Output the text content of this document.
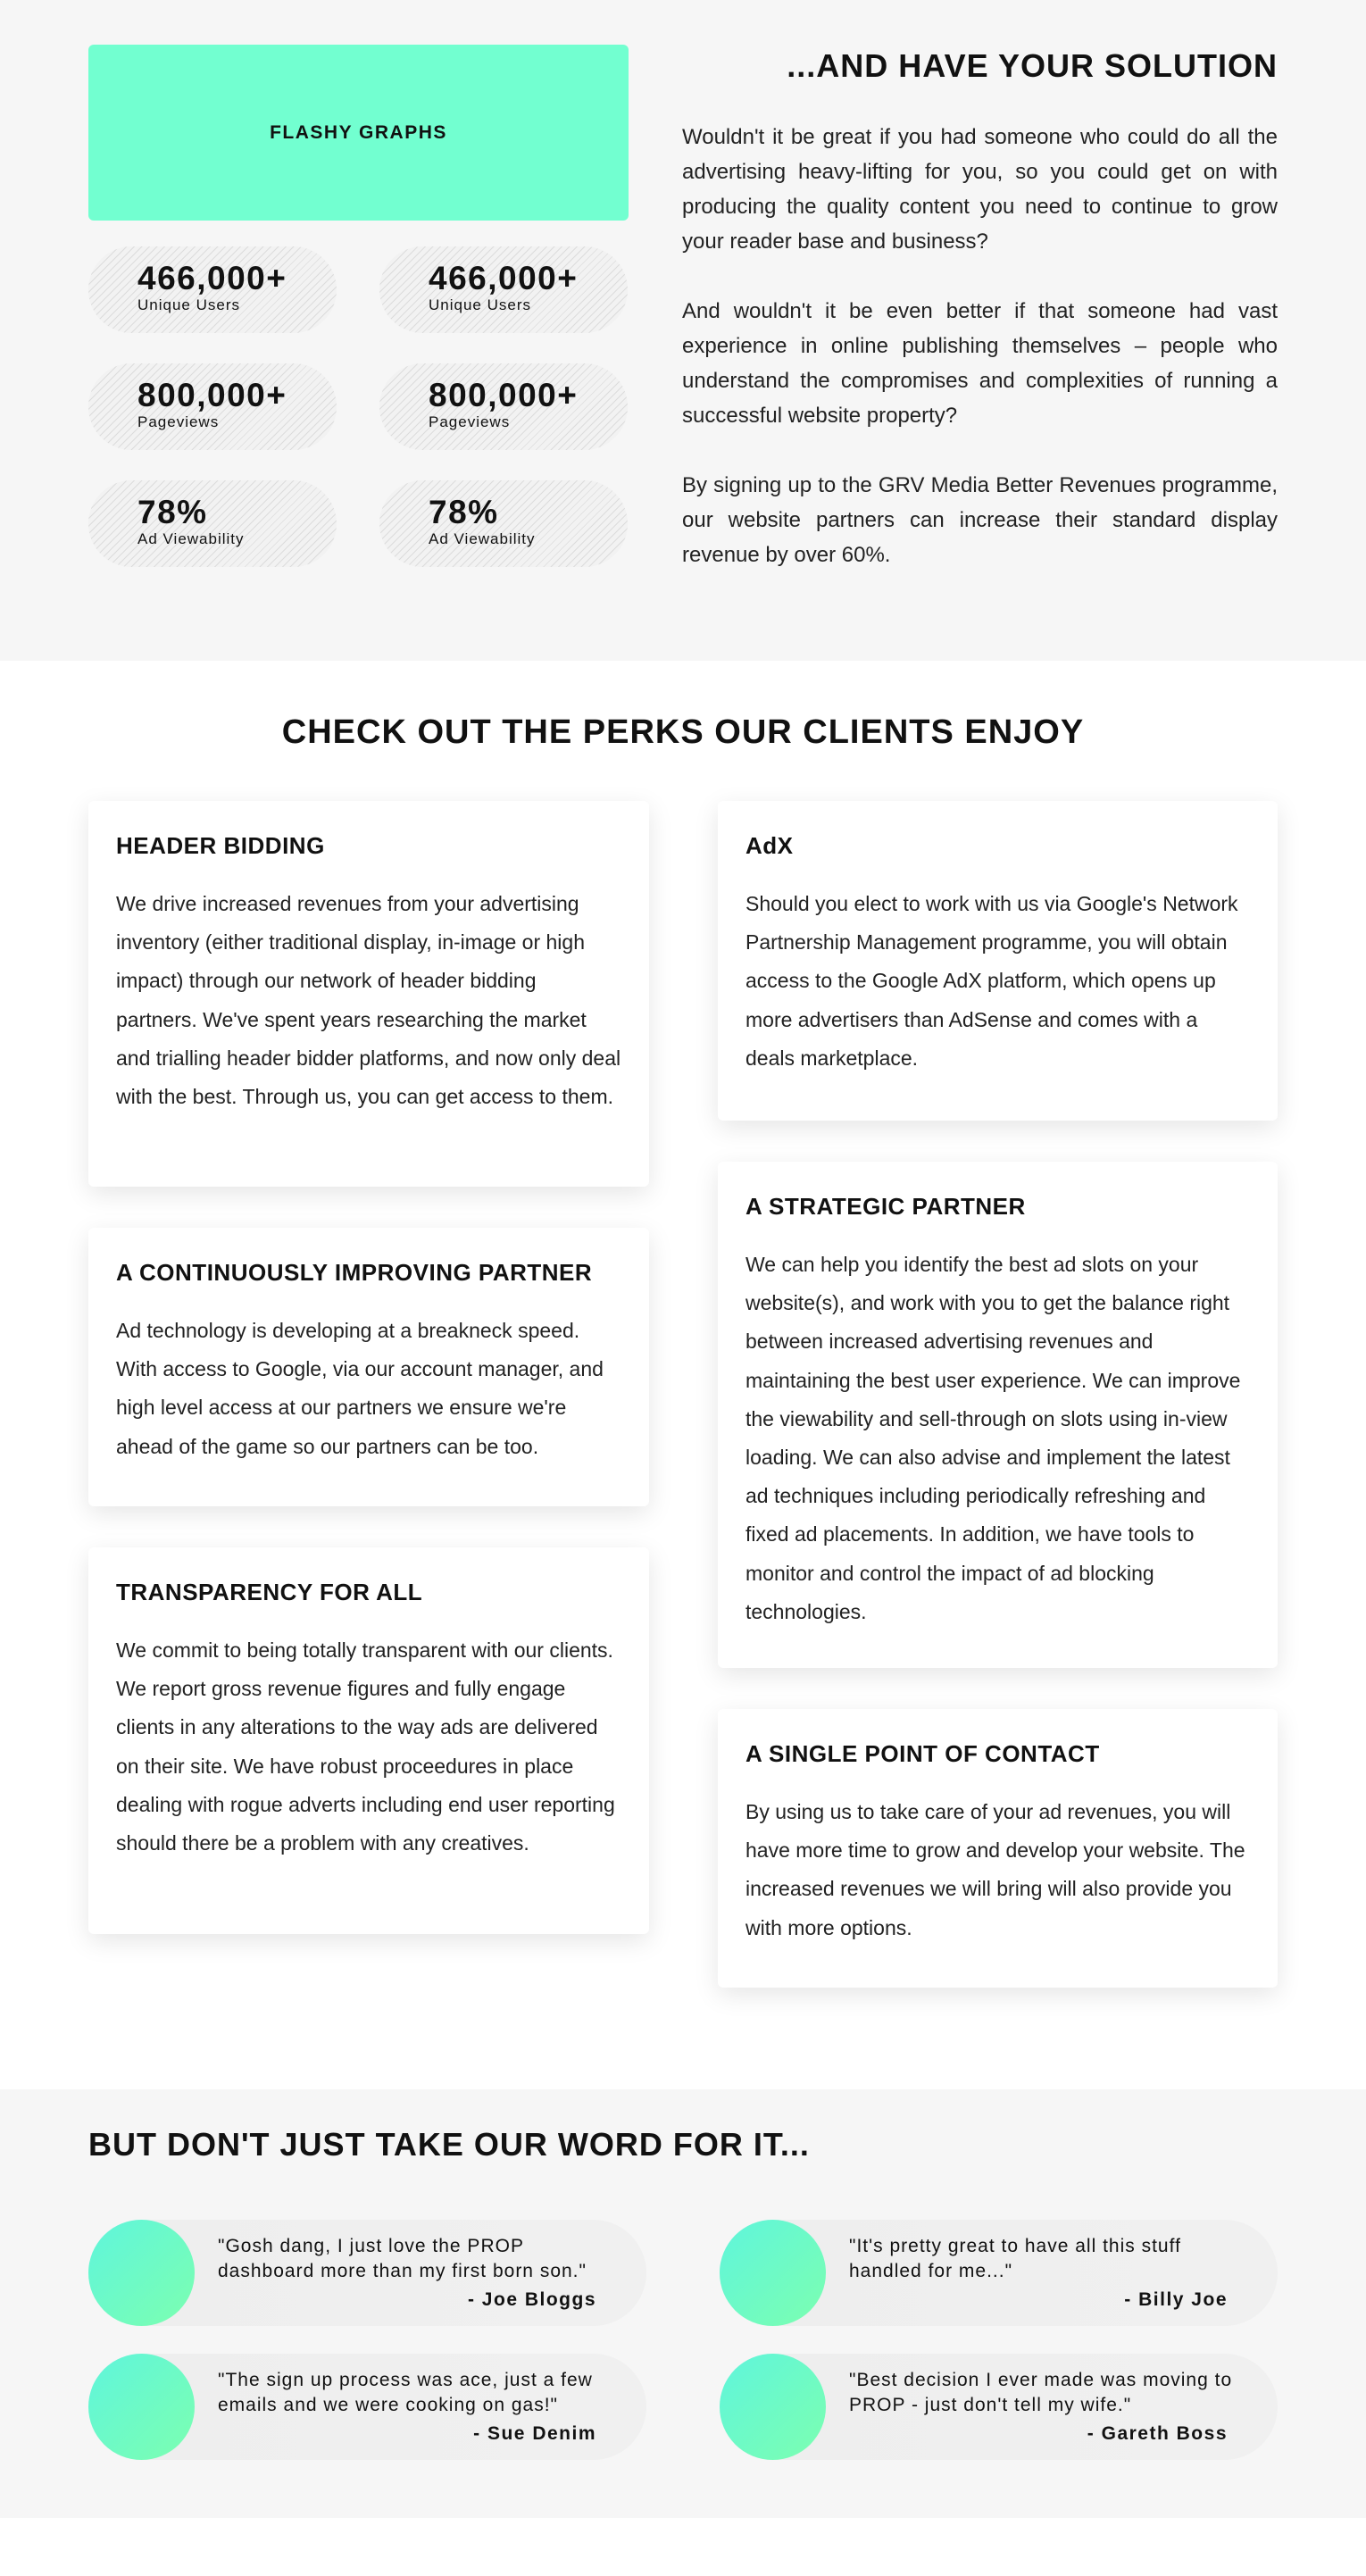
FLASHY GRAPHS
466,000+
Unique Users
466,000+
Unique Users
800,000+
Pageviews
800,000+
Pageviews
78%
Ad Viewability
78%
Ad Viewability
...AND HAVE YOUR SOLUTION

Wouldn't it be great if you had someone who could do all the advertising heavy-lifting for you, so you could get on with producing the quality content you need to continue to grow your reader base and business?

And wouldn't it be even better if that someone had vast experience in online publishing themselves – people who understand the compromises and complexities of running a successful website property?

By signing up to the GRV Media Better Revenues programme, our website partners can increase their standard display revenue by over 60%.

CHECK OUT THE PERKS OUR CLIENTS ENJOY
HEADER BIDDING

We drive increased revenues from your advertising inventory (either traditional display, in-image or high impact) through our network of header bidding partners. We've spent years researching the market and trialling header bidder platforms, and now only deal with the best. Through us, you can get access to them.

AdX

Should you elect to work with us via Google's Network Partnership Management programme, you will obtain access to the Google AdX platform, which opens up more advertisers than AdSense and comes with a deals marketplace.

A CONTINUOUSLY IMPROVING PARTNER

Ad technology is developing at a breakneck speed. With access to Google, via our account manager, and high level access at our partners we ensure we're ahead of the game so our partners can be too.

A STRATEGIC PARTNER

We can help you identify the best ad slots on your website(s), and work with you to get the balance right between increased advertising revenues and maintaining the best user experience. We can improve the viewability and sell-through on slots using in-view loading. We can also advise and implement the latest ad techniques including periodically refreshing and fixed ad placements. In addition, we have tools to monitor and control the impact of ad blocking technologies.

TRANSPARENCY FOR ALL

We commit to being totally transparent with our clients. We report gross revenue figures and fully engage clients in any alterations to the way ads are delivered on their site. We have robust proceedures in place dealing with rogue adverts including end user reporting should there be a problem with any creatives.

A SINGLE POINT OF CONTACT

By using us to take care of your ad revenues, you will have more time to grow and develop your website. The increased revenues we will bring will also provide you with more options.

BUT DON'T JUST TAKE OUR WORD FOR IT...
"Gosh dang, I just love the PROP dashboard more than my first born son."
- Joe Bloggs
"It's pretty great to have all this stuff handled for me..."
- Billy Joe
"The sign up process was ace, just a few emails and we were cooking on gas!"
- Sue Denim
"Best decision I ever made was moving to PROP - just don't tell my wife."
- Gareth Boss
